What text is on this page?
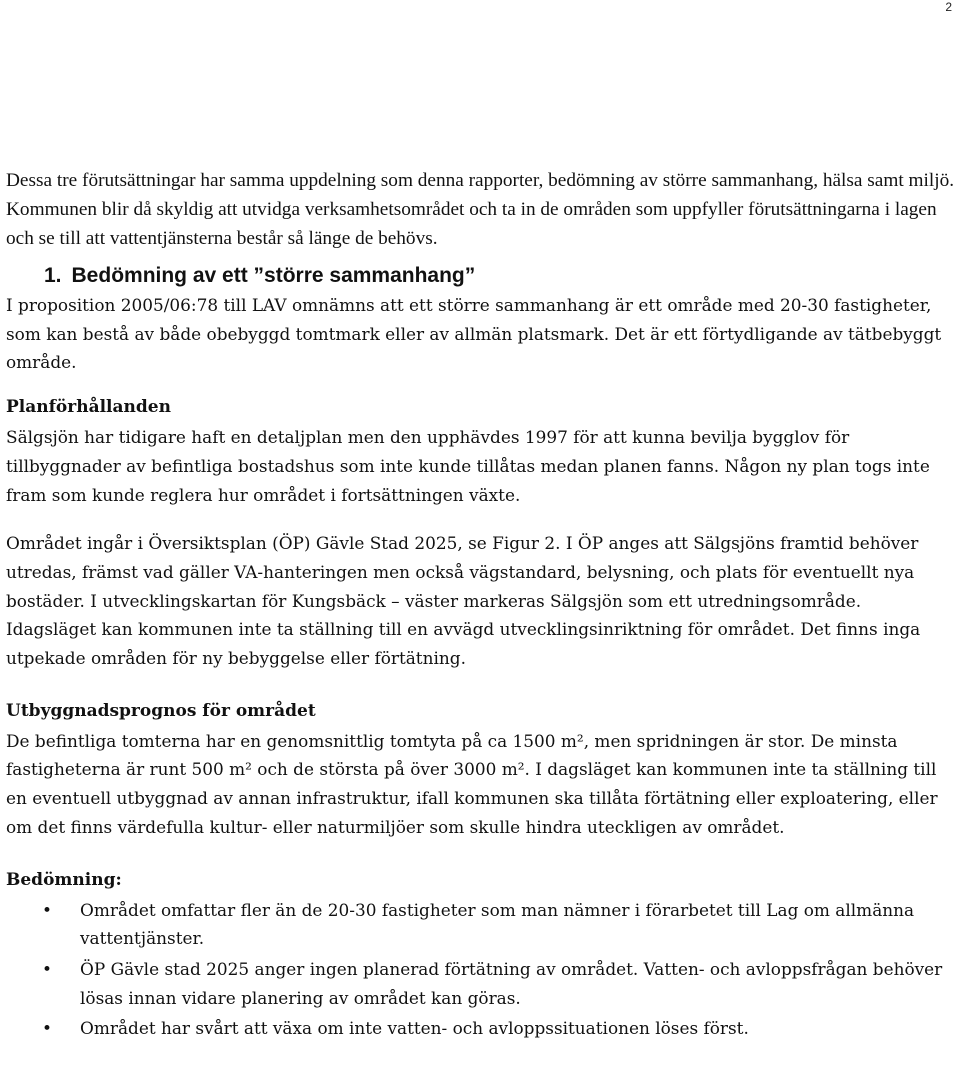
2

Dessa tre förutsättningar har samma uppdelning som denna rapporter, bedömning av större sammanhang, hälsa samt miljö. Kommunen blir då skyldig att utvidga verksamhetsområdet och ta in de områden som uppfyller förutsättningarna i lagen och se till att vattentjänsterna består så länge de behövs.

1. Bedömning av ett ”större sammanhang”

I proposition 2005/06:78 till LAV omnämns att ett större sammanhang är ett område med 20-30 fastigheter, som kan bestå av både obebyggd tomtmark eller av allmän platsmark. Det är ett förtydligande av tätbebyggt område.

Planförhållanden

Sälgsjön har tidigare haft en detaljplan men den upphävdes 1997 för att kunna bevilja bygglov för tillbyggnader av befintliga bostadshus som inte kunde tillåtas medan planen fanns. Någon ny plan togs inte fram som kunde reglera hur området i fortsättningen växte.

Området ingår i Översiktsplan (ÖP) Gävle Stad 2025, se Figur 2. I ÖP anges att Sälgsjöns framtid behöver utredas, främst vad gäller VA-hanteringen men också vägstandard, belysning, och plats för eventuellt nya bostäder. I utvecklingskartan för Kungsbäck – väster markeras Sälgsjön som ett utredningsområde. Idagsläget kan kommunen inte ta ställning till en avvägd utvecklingsinriktning för området. Det finns inga utpekade områden för ny bebyggelse eller förtätning.

Utbyggnadsprognos för området

De befintliga tomterna har en genomsnittlig tomtyta på ca 1500 m², men spridningen är stor. De minsta fastigheterna är runt 500 m² och de största på över 3000 m². I dagsläget kan kommunen inte ta ställning till en eventuell utbyggnad av annan infrastruktur, ifall kommunen ska tillåta förtätning eller exploatering, eller om det finns värdefulla kultur- eller naturmiljöer som skulle hindra uteckligen av området.

Bedömning:
• Området omfattar fler än de 20-30 fastigheter som man nämner i förarbetet till Lag om allmänna vattentjänster.
• ÖP Gävle stad 2025 anger ingen planerad förtätning av området. Vatten- och avloppsfrågan behöver lösas innan vidare planering av området kan göras.
• Området har svårt att växa om inte vatten- och avloppssituationen löses först.
